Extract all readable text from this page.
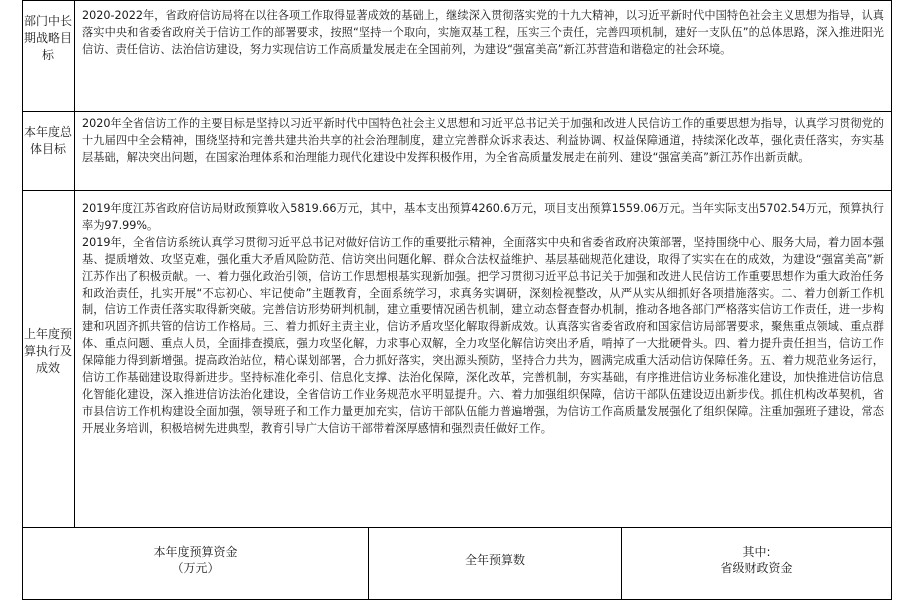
部门中长期战略目标
2020-2022年，省政府信访局将在以往各项工作取得显著成效的基础上，继续深入贯彻落实党的十九大精神，以习近平新时代中国特色社会主义思想为指导，认真落实中央和省委省政府关于信访工作的部署要求，按照“坚持一个取向，实施双基工程，压实三个责任，完善四项机制，建好一支队伍”的总体思路，深入推进阳光信访、责任信访、法治信访建设，努力实现信访工作高质量发展走在全国前列，为建设“强富美高”新江苏营造和谐稳定的社会环境。
本年度总体目标
2020年全省信访工作的主要目标是坚持以习近平新时代中国特色社会主义思想和习近平总书记关于加强和改进人民信访工作的重要思想为指导，认真学习贯彻党的十九届四中全会精神，围绕坚持和完善共建共治共享的社会治理制度，建立完善群众诉求表达、利益协调、权益保障通道，持续深化改革，强化责任落实，夯实基层基础，解决突出问题，在国家治理体系和治理能力现代化建设中发挥积极作用，为全省高质量发展走在前列、建设“强富美高”新江苏作出新贡献。
上年度预算执行及成效
2019年度江苏省政府信访局财政预算收入5819.66万元，其中，基本支出预算4260.6万元，项目支出预算1559.06万元。当年实际支出5702.54万元，预算执行率为97.99%。
2019年，全省信访系统认真学习贯彻习近平总书记对做好信访工作的重要批示精神，全面落实中央和省委省政府决策部署，坚持围绕中心、服务大局，着力固本强基、提质增效、攻坚克难，强化重大矛盾风险防范、信访突出问题化解、群众合法权益维护、基层基础规范化建设，取得了实实在在的成效，为建设“强富美高”新江苏作出了积极贡献。一、着力强化政治引领，信访工作思想根基实现新加强。把学习贯彻习近平总书记关于加强和改进人民信访工作重要思想作为重大政治任务和政治责任，扎实开展“不忘初心、牢记使命”主题教育，全面系统学习，求真务实调研，深刻检视整改，从严从实从细抓好各项措施落实。二、着力创新工作机制，信访工作责任落实取得新突破。完善信访形势研判机制，建立重要情况函告机制，建立动态督查督办机制，推动各地各部门严格落实信访工作责任，进一步构建和巩固齐抓共管的信访工作格局。三、着力抓好主责主业，信访矛盾攻坚化解取得新成效。认真落实省委省政府和国家信访局部署要求，聚焦重点领域、重点群体、重点问题、重点人员，全面排查摸底，强力攻坚化解，力求事心双解，全力攻坚化解信访突出矛盾，啃掉了一大批硬骨头。四、着力提升责任担当，信访工作保障能力得到新增强。提高政治站位，精心谋划部署，合力抓好落实，突出源头预防，坚持合力共为，圆满完成重大活动信访保障任务。五、着力规范业务运行，信访工作基础建设取得新进步。坚持标准化牵引、信息化支撑、法治化保障，深化改革，完善机制，夯实基础，有序推进信访业务标准化建设，加快推进信访信息化智能化建设，深入推进信访法治化建设，全省信访工作业务规范水平明显提升。六、着力加强组织保障，信访干部队伍建设迈出新步伐。抓住机构改革契机，省市县信访工作机构建设全面加强，领导班子和工作力量更加充实，信访干部队伍能力普遍增强，为信访工作高质量发展强化了组织保障。注重加强班子建设，常态开展业务培训，积极培树先进典型，教育引导广大信访干部带着深厚感情和强烈责任做好工作。
本年度预算资金
（万元）
全年预算数
其中:
省级财政资金
